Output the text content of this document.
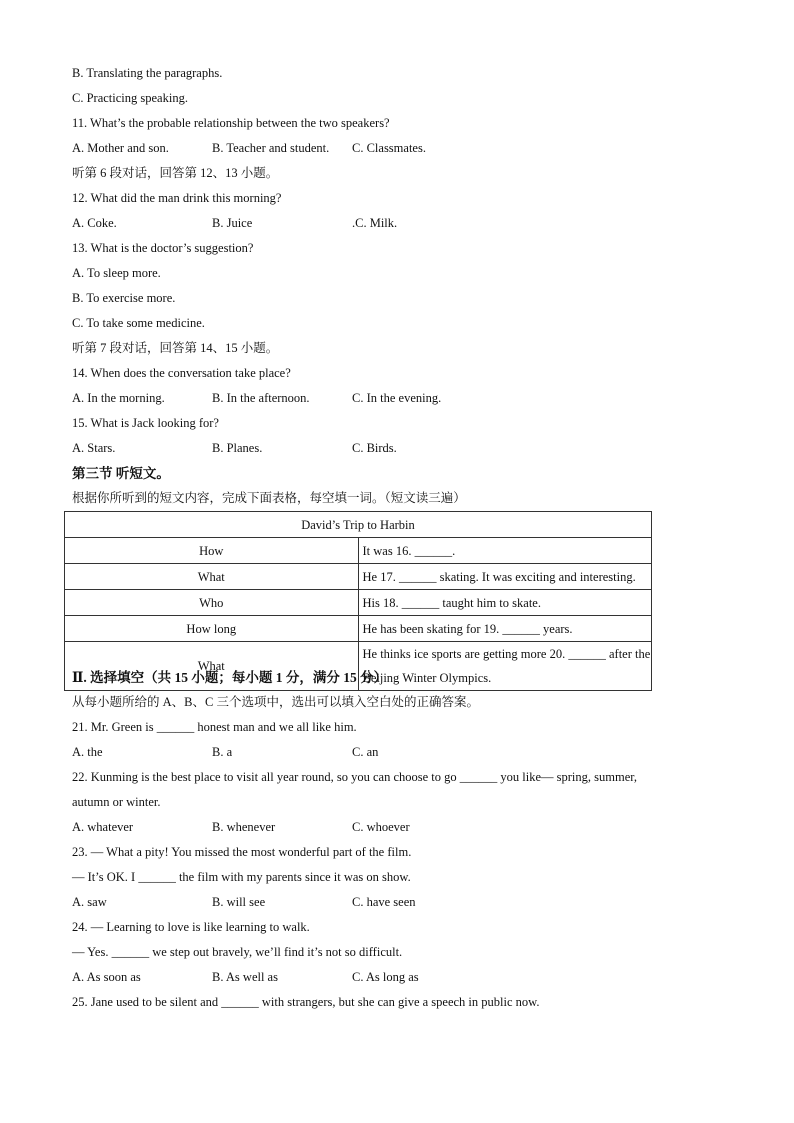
B. Translating the paragraphs.
C. Practicing speaking.
11. What’s the probable relationship between the two speakers?
A. Mother and son.	B. Teacher and student. C. Classmates.
听第 6 段对话，回答第 12、13 小题。
12. What did the man drink this morning?
A. Coke.	B. Juice	.C. Milk.
13. What is the doctor’s suggestion?
A. To sleep more.
B. To exercise more.
C. To take some medicine.
听第 7 段对话，回答第 14、15 小题。
14. When does the conversation take place?
A. In the morning.	B. In the afternoon.	C. In the evening.
15. What is Jack looking for?
A. Stars.	B. Planes.	C. Birds.
第三节 听短文。
根据你所听到的短文内容，完成下面表格，每空填一词。（短文读三遍）
David’s Trip to Harbin	
How	It was 16. ______.
What	He 17. ______ skating. It was exciting and interesting.
Who	His 18. ______ taught him to skate.
How long	He has been skating for 19. ______ years.
What	He thinks ice sports are getting more 20. ______ after the Beijing Winter Olympics.
Ⅱ. 选择填空（共 15 小题；每小题 1 分，满分 15 分）
从每小题所给的 A、B、C 三个选项中，选出可以填入空白处的正确答案。
21. Mr. Green is ______ honest man and we all like him.
A. the	B. a	C. an
22. Kunming is the best place to visit all year round, so you can choose to go ______ you like— spring, summer,
autumn or winter.
A. whatever	B. whenever	C. whoever
23. — What a pity! You missed the most wonderful part of the film.
— It’s OK. I ______ the film with my parents since it was on show.
A. saw	B. will see	C. have seen
24. — Learning to love is like learning to walk.
— Yes. ______ we step out bravely, we’ll find it’s not so difficult.
A. As soon as	B. As well as	C. As long as
25. Jane used to be silent and ______ with strangers, but she can give a speech in public now.
